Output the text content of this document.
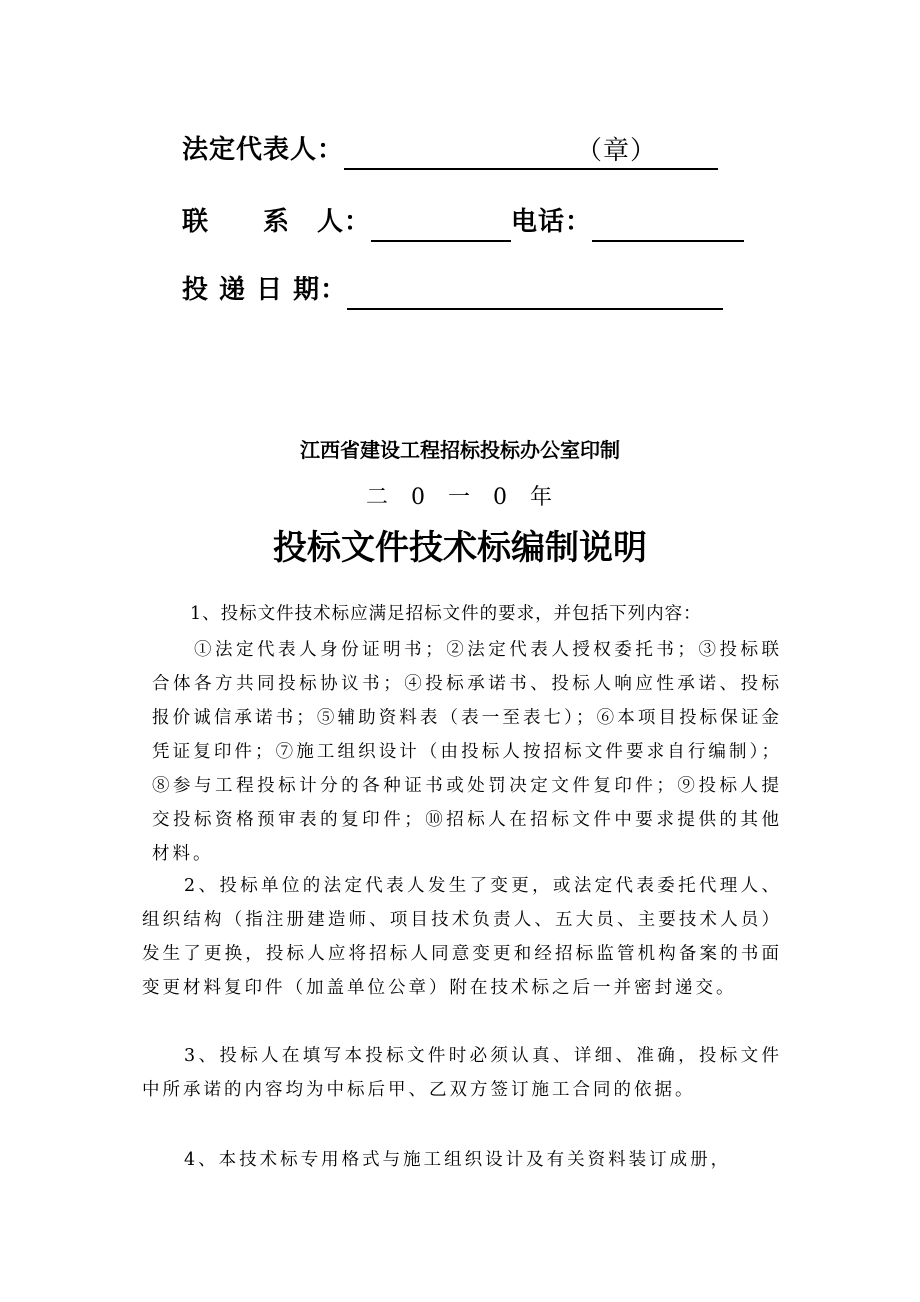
法定代表人：	（章）
联　　系　人：	电话：
投 递 日 期：
江西省建设工程招标投标办公室印制
二 0 一 0 年
投标文件技术标编制说明

1、投标文件技术标应满足招标文件的要求，并包括下列内容：

①法定代表人身份证明书；②法定代表人授权委托书；③投标联合体各方共同投标协议书；④投标承诺书、投标人响应性承诺、投标报价诚信承诺书；⑤辅助资料表（表一至表七）；⑥本项目投标保证金凭证复印件；⑦施工组织设计（由投标人按招标文件要求自行编制）；⑧参与工程投标计分的各种证书或处罚决定文件复印件；⑨投标人提交投标资格预审表的复印件；⑩招标人在招标文件中要求提供的其他材料。

2、投标单位的法定代表人发生了变更，或法定代表委托代理人、组织结构（指注册建造师、项目技术负责人、五大员、主要技术人员）发生了更换，投标人应将招标人同意变更和经招标监管机构备案的书面变更材料复印件（加盖单位公章）附在技术标之后一并密封递交。

3、投标人在填写本投标文件时必须认真、详细、准确，投标文件中所承诺的内容均为中标后甲、乙双方签订施工合同的依据。

4、本技术标专用格式与施工组织设计及有关资料装订成册，
